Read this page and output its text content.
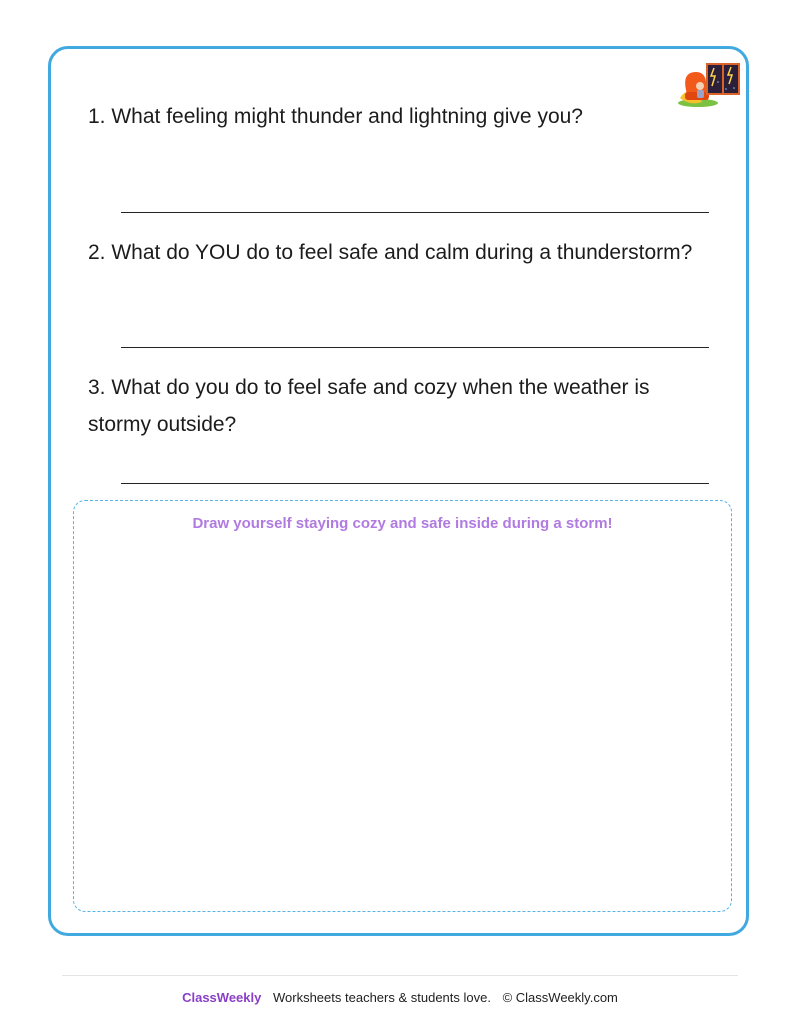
1. What feeling might thunder and lightning give you?
2. What do YOU do to feel safe and calm during a thunderstorm?
3. What do you do to feel safe and cozy when the weather is stormy outside?
Draw yourself staying cozy and safe inside during a storm!
ClassWeekly Worksheets teachers & students love. © ClassWeekly.com
